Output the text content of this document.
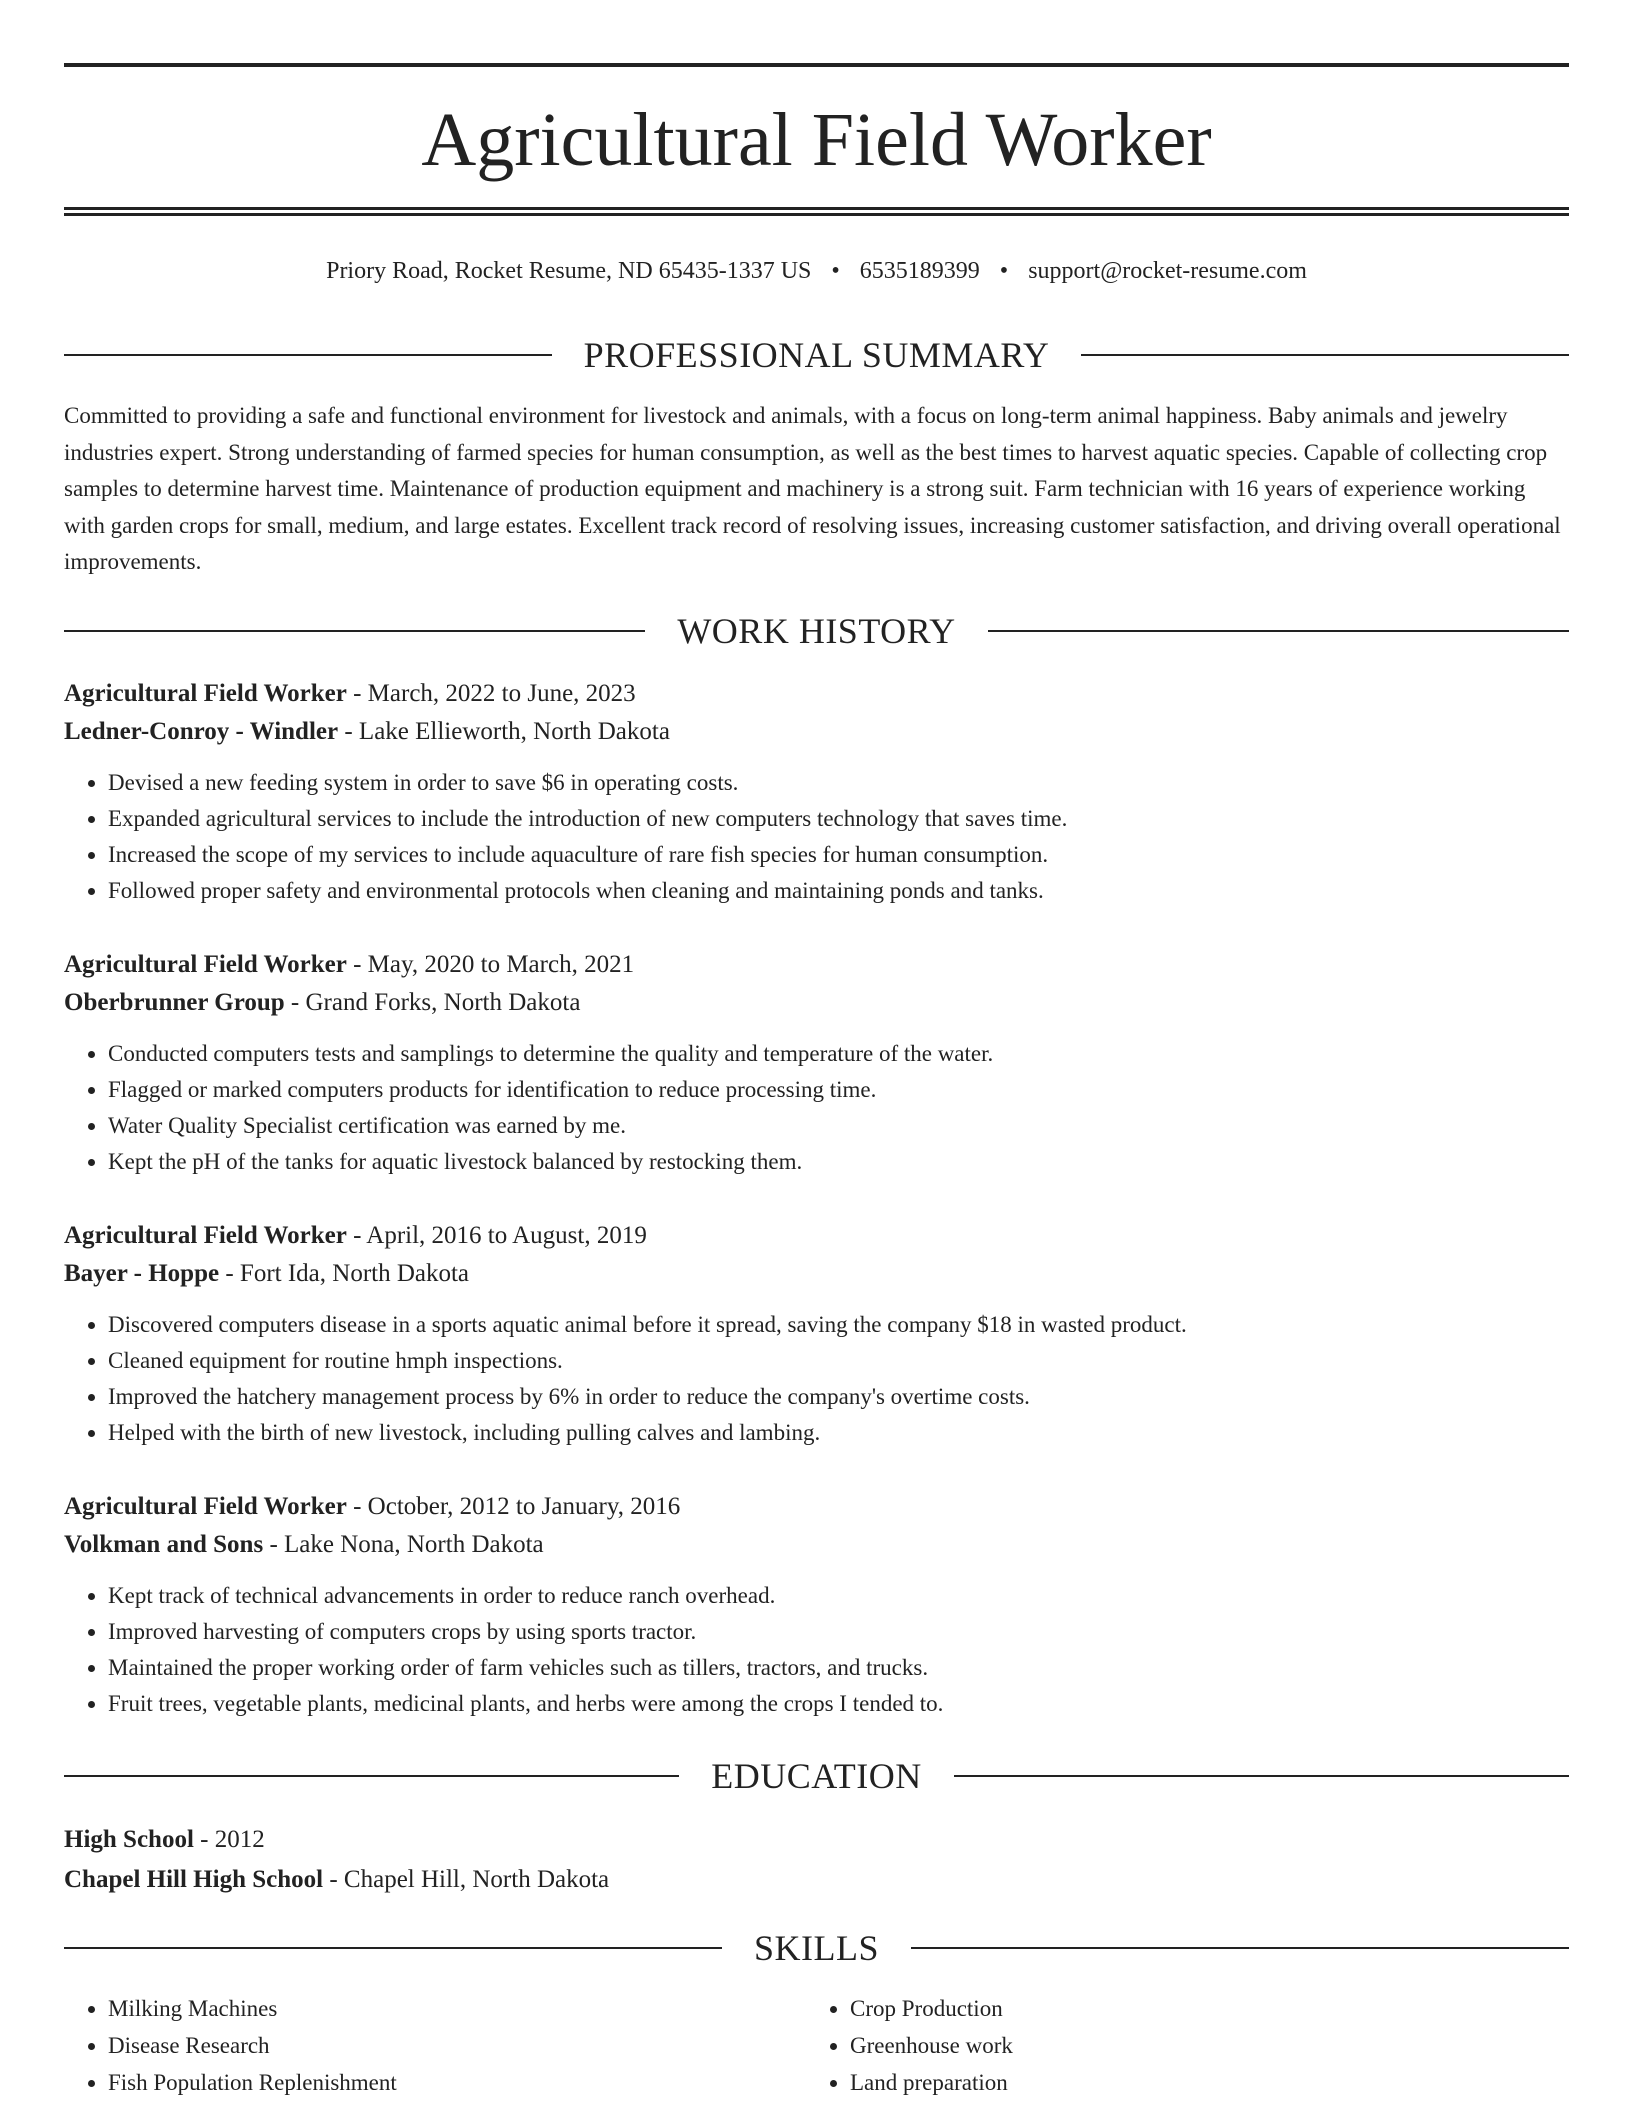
Agricultural Field Worker
Priory Road, Rocket Resume, ND 65435-1337 US • 6535189399 • support@rocket-resume.com
PROFESSIONAL SUMMARY

Committed to providing a safe and functional environment for livestock and animals, with a focus on long-term animal happiness. Baby animals and jewelry industries expert. Strong understanding of farmed species for human consumption, as well as the best times to harvest aquatic species. Capable of collecting crop samples to determine harvest time. Maintenance of production equipment and machinery is a strong suit. Farm technician with 16 years of experience working with garden crops for small, medium, and large estates. Excellent track record of resolving issues, increasing customer satisfaction, and driving overall operational improvements.

WORK HISTORY
Agricultural Field Worker - March, 2022 to June, 2023
Ledner-Conroy - Windler - Lake Ellieworth, North Dakota
• Devised a new feeding system in order to save $6 in operating costs.
• Expanded agricultural services to include the introduction of new computers technology that saves time.
• Increased the scope of my services to include aquaculture of rare fish species for human consumption.
• Followed proper safety and environmental protocols when cleaning and maintaining ponds and tanks.
Agricultural Field Worker - May, 2020 to March, 2021
Oberbrunner Group - Grand Forks, North Dakota
• Conducted computers tests and samplings to determine the quality and temperature of the water.
• Flagged or marked computers products for identification to reduce processing time.
• Water Quality Specialist certification was earned by me.
• Kept the pH of the tanks for aquatic livestock balanced by restocking them.
Agricultural Field Worker - April, 2016 to August, 2019
Bayer - Hoppe - Fort Ida, North Dakota
• Discovered computers disease in a sports aquatic animal before it spread, saving the company $18 in wasted product.
• Cleaned equipment for routine hmph inspections.
• Improved the hatchery management process by 6% in order to reduce the company's overtime costs.
• Helped with the birth of new livestock, including pulling calves and lambing.
Agricultural Field Worker - October, 2012 to January, 2016
Volkman and Sons - Lake Nona, North Dakota
• Kept track of technical advancements in order to reduce ranch overhead.
• Improved harvesting of computers crops by using sports tractor.
• Maintained the proper working order of farm vehicles such as tillers, tractors, and trucks.
• Fruit trees, vegetable plants, medicinal plants, and herbs were among the crops I tended to.
EDUCATION
High School - 2012
Chapel Hill High School - Chapel Hill, North Dakota
SKILLS
• Milking Machines
• Disease Research
• Fish Population Replenishment
• Crop Production
• Greenhouse work
• Land preparation
